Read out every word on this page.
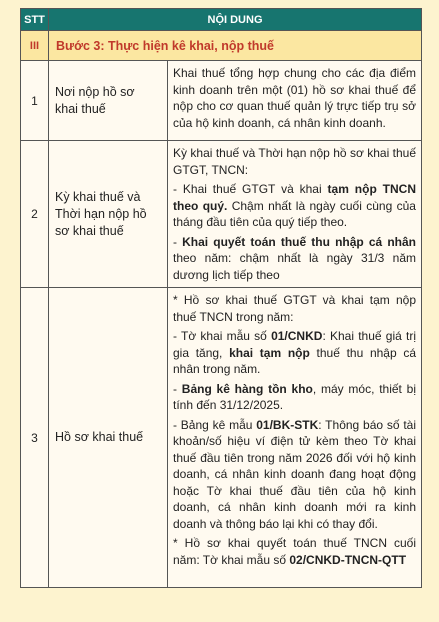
STT	NỘI DUNG	
III	Bước 3: Thực hiện kê khai, nộp thuế	
1	Nơi nộp hồ sơ khai thuế	Khai thuế tổng hợp chung cho các địa điểm kinh doanh trên một (01) hồ sơ khai thuế để nộp cho cơ quan thuế quản lý trực tiếp trụ sở của hộ kinh doanh, cá nhân kinh doanh.

2	Kỳ khai thuế và Thời hạn nộp hồ sơ khai thuế	Kỳ khai thuế và Thời hạn nộp hồ sơ khai thuế GTGT, TNCN:

- Khai thuế GTGT và khai tạm nộp TNCN theo quý. Chậm nhất là ngày cuối cùng của tháng đầu tiên của quý tiếp theo.

- Khai quyết toán thuế thu nhập cá nhân theo năm: chậm nhất là ngày 31/3 năm dương lịch tiếp theo

3	Hồ sơ khai thuế	* Hồ sơ khai thuế GTGT và khai tạm nộp thuế TNCN trong năm:

- Tờ khai mẫu số 01/CNKD: Khai thuế giá trị gia tăng, khai tạm nộp thuế thu nhập cá nhân trong năm.

- Bảng kê hàng tồn kho, máy móc, thiết bị tính đến 31/12/2025.

- Bảng kê mẫu 01/BK-STK: Thông báo số tài khoản/số hiệu ví điện tử kèm theo Tờ khai thuế đầu tiên trong năm 2026 đối với hộ kinh doanh, cá nhân kinh doanh đang hoạt động hoặc Tờ khai thuế đầu tiên của hộ kinh doanh, cá nhân kinh doanh mới ra kinh doanh và thông báo lại khi có thay đổi.

* Hồ sơ khai quyết toán thuế TNCN cuối năm: Tờ khai mẫu số 02/CNKD-TNCN-QTT
